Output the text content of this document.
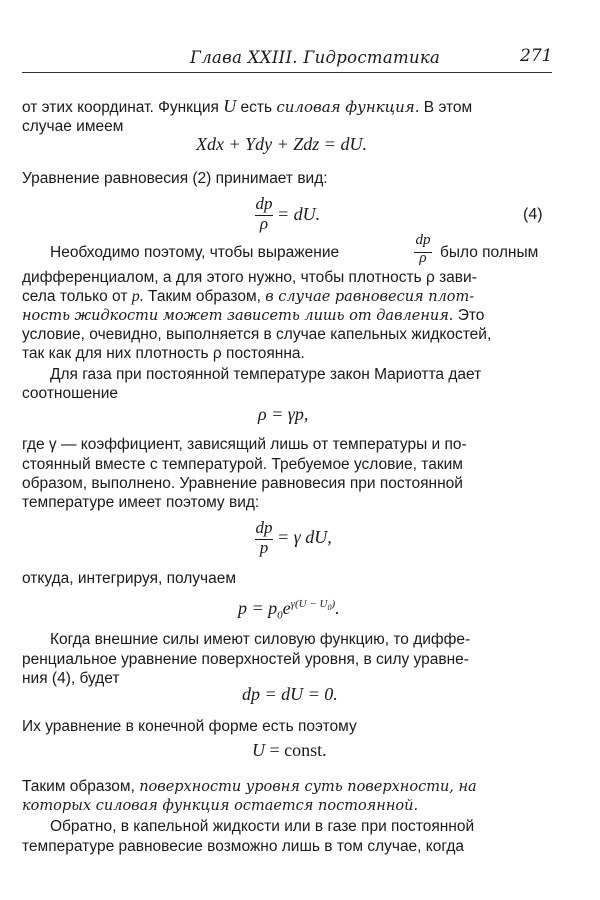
Глава XXIII. Гидростатика	271
от этих координат. Функция U есть силовая функция. В этом
случае имеем
Xdx + Ydy + Zdz = dU.
Уравнение равновесия (2) принимает вид:
dp
ρ = dU.	(4)
Необходимо поэтому, чтобы выражение
dp
ρ было полным
дифференциалом, а для этого нужно, чтобы плотность ρ зави-
села только от p. Таким образом, в случае равновесия плот-
ность жидкости может зависеть лишь от давления. Это
условие, очевидно, выполняется в случае капельных жидкостей,
так как для них плотность ρ постоянна.
Для газа при постоянной температуре закон Мариотта дает
соотношение
ρ = γp,
где γ — коэффициент, зависящий лишь от температуры и по-
стоянный вместе с температурой. Требуемое условие, таким
образом, выполнено. Уравнение равновесия при постоянной
температуре имеет поэтому вид:
dp
p
= γ dU,
откуда, интегрируя, получаем
$p = p_0e^{\gamma(U - U_0)}$.
Когда внешние силы имеют силовую функцию, то диффе-
ренциальное уравнение поверхностей уровня, в силу уравне-
ния (4), будет
dp = dU = 0.
Их уравнение в конечной форме есть поэтому
U = const.
Таким образом, поверхности уровня суть поверхности, на
которых силовая функция остается постоянной.
Обратно, в капельной жидкости или в газе при постоянной
температуре равновесие возможно лишь в том случае, когда
